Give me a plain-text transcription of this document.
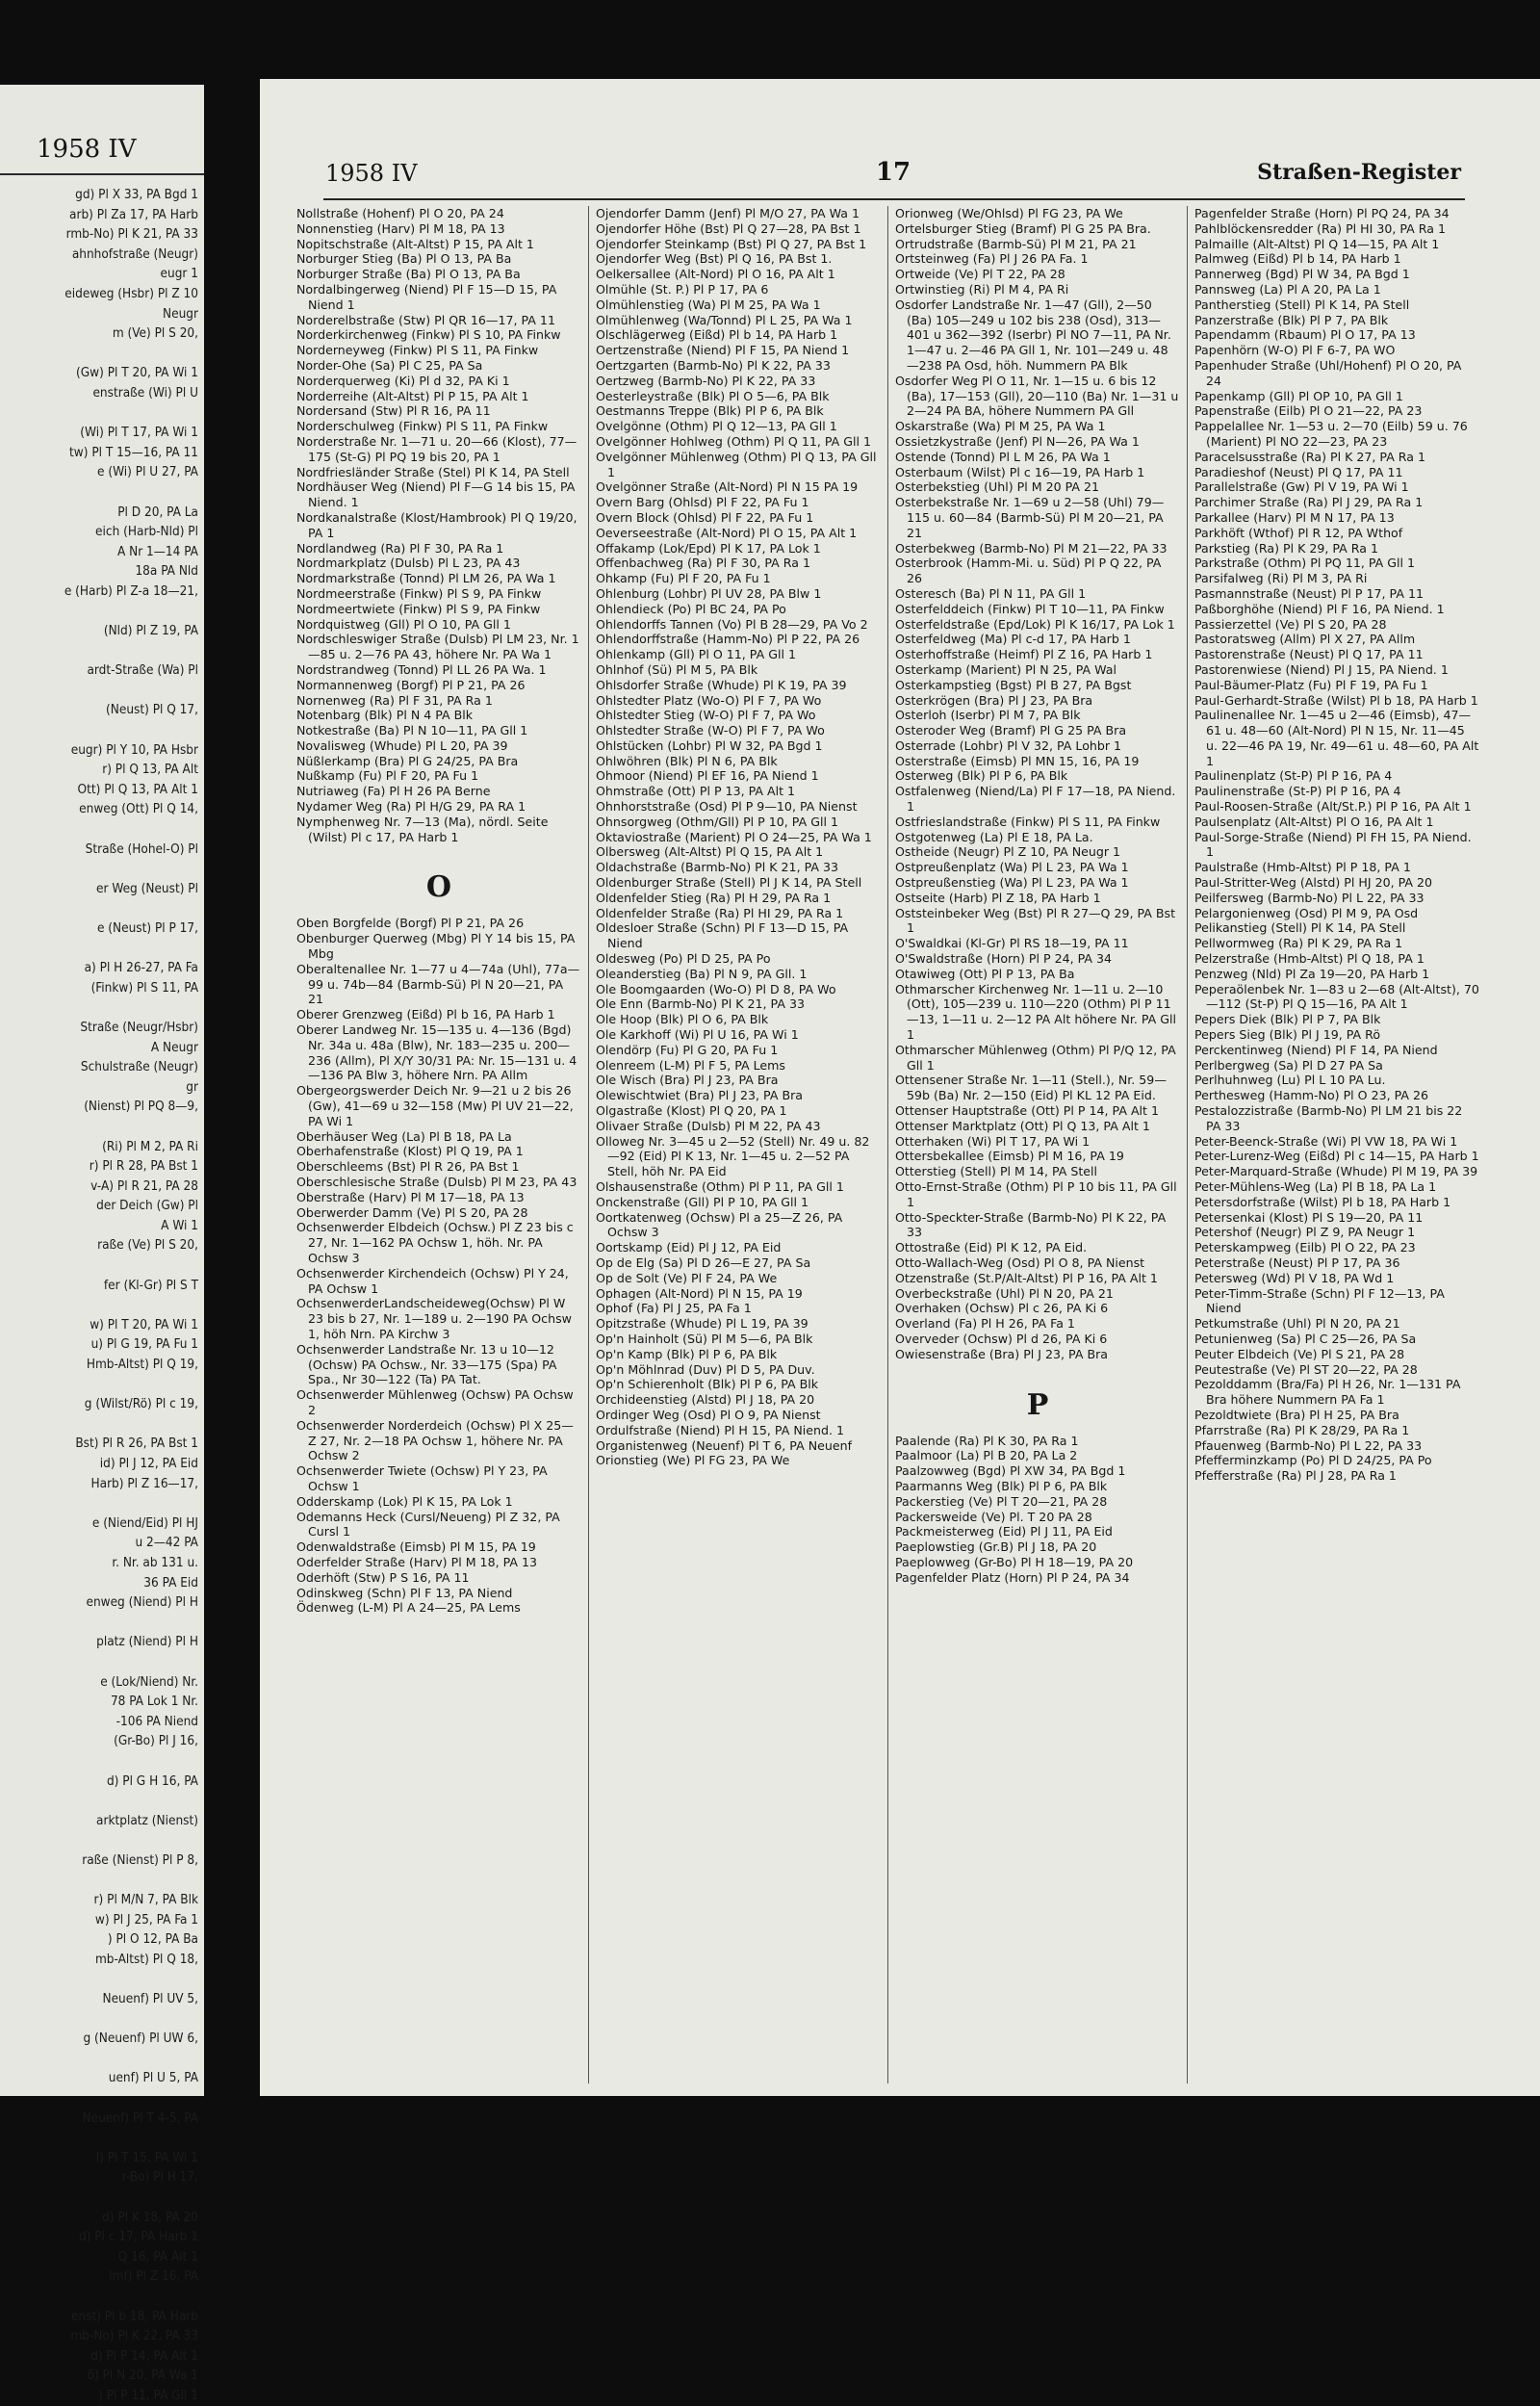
1958 IV
gd) Pl X 33, PA Bgd 1
arb) Pl Za 17, PA Harb
rmb-No) Pl K 21, PA 33
ahnhofstraße (Neugr)
eugr 1
eideweg (Hsbr) Pl Z 10
Neugr
m (Ve) Pl S 20,

(Gw) Pl T 20, PA Wi 1
enstraße (Wi) Pl U

(Wi) Pl T 17, PA Wi 1
tw) Pl T 15—16, PA 11
e (Wi) Pl U 27, PA

Pl D 20, PA La
eich (Harb-Nld) Pl
A Nr 1—14 PA
18a PA Nld
e (Harb) Pl Z-a 18—21,

(Nld) Pl Z 19, PA

ardt-Straße (Wa) Pl

(Neust) Pl Q 17,

eugr) Pl Y 10, PA Hsbr
r) Pl Q 13, PA Alt
Ott) Pl Q 13, PA Alt 1
enweg (Ott) Pl Q 14,

Straße (Hohel-O) Pl

er Weg (Neust) Pl

e (Neust) Pl P 17,

a) Pl H 26-27, PA Fa
(Finkw) Pl S 11, PA

Straße (Neugr/Hsbr)
A Neugr
Schulstraße (Neugr)
gr
(Nienst) Pl PQ 8—9,

(Ri) Pl M 2, PA Ri
r) Pl R 28, PA Bst 1
v-A) Pl R 21, PA 28
der Deich (Gw) Pl
A Wi 1
raße (Ve) Pl S 20,

fer (Kl-Gr) Pl S T

w) Pl T 20, PA Wi 1
u) Pl G 19, PA Fu 1
Hmb-Altst) Pl Q 19,

g (Wilst/Rö) Pl c 19,

Bst) Pl R 26, PA Bst 1
id) Pl J 12, PA Eid
Harb) Pl Z 16—17,

e (Niend/Eid) Pl HJ
u 2—42 PA
r. Nr. ab 131 u.
36 PA Eid
enweg (Niend) Pl H

platz (Niend) Pl H

e (Lok/Niend) Nr.
78 PA Lok 1 Nr.
-106 PA Niend
(Gr-Bo) Pl J 16,

d) Pl G H 16, PA

arktplatz (Nienst)

raße (Nienst) Pl P 8,

r) Pl M/N 7, PA Blk
w) Pl J 25, PA Fa 1
) Pl O 12, PA Ba
mb-Altst) Pl Q 18,

Neuenf) Pl UV 5,

g (Neuenf) Pl UW 6,

uenf) Pl U 5, PA

Neuenf) Pl T 4-5, PA

l) Pl T 15, PA Wi 1
r-Bo) Pl H 17,

d) Pl K 18, PA 20
d) Pl c 17, PA Harb 1
Q 16, PA Alt 1
imf) Pl Z 16, PA

enst) Pl b 18, PA Harb
mb-No) Pl K 22, PA 33
d) Pl P 14, PA Alt 1
ö) Pl N 20, PA Wa 1
) Pl P 11, PA Gll 1
1958 IV	17	Straßen-Register

Nollstraße (Hohenf) Pl O 20, PA 24

Nonnenstieg (Harv) Pl M 18, PA 13

Nopitschstraße (Alt-Altst) P 15, PA Alt 1

Norburger Stieg (Ba) Pl O 13, PA Ba

Norburger Straße (Ba) Pl O 13, PA Ba

Nordalbingerweg (Niend) Pl F 15—D 15, PA Niend 1

Norderelbstraße (Stw) Pl QR 16—17, PA 11

Norderkirchenweg (Finkw) Pl S 10, PA Finkw

Norderneyweg (Finkw) Pl S 11, PA Finkw

Norder-Ohe (Sa) Pl C 25, PA Sa

Norderquerweg (Ki) Pl d 32, PA Ki 1

Norderreihe (Alt-Altst) Pl P 15, PA Alt 1

Nordersand (Stw) Pl R 16, PA 11

Norderschulweg (Finkw) Pl S 11, PA Finkw

Norderstraße Nr. 1—71 u. 20—66 (Klost), 77—175 (St-G) Pl PQ 19 bis 20, PA 1

Nordfriesländer Straße (Stel) Pl K 14, PA Stell

Nordhäuser Weg (Niend) Pl F—G 14 bis 15, PA Niend. 1

Nordkanalstraße (Klost/Hambrook) Pl Q 19/20, PA 1

Nordlandweg (Ra) Pl F 30, PA Ra 1

Nordmarkplatz (Dulsb) Pl L 23, PA 43

Nordmarkstraße (Tonnd) Pl LM 26, PA Wa 1

Nordmeerstraße (Finkw) Pl S 9, PA Finkw

Nordmeertwiete (Finkw) Pl S 9, PA Finkw

Nordquistweg (Gll) Pl O 10, PA Gll 1

Nordschleswiger Straße (Dulsb) Pl LM 23, Nr. 1—85 u. 2—76 PA 43, höhere Nr. PA Wa 1

Nordstrandweg (Tonnd) Pl LL 26 PA Wa. 1

Normannenweg (Borgf) Pl P 21, PA 26

Nornenweg (Ra) Pl F 31, PA Ra 1

Notenbarg (Blk) Pl N 4 PA Blk

Notkestraße (Ba) Pl N 10—11, PA Gll 1

Novalisweg (Whude) Pl L 20, PA 39

Nüßlerkamp (Bra) Pl G 24/25, PA Bra

Nußkamp (Fu) Pl F 20, PA Fu 1

Nutriaweg (Fa) Pl H 26 PA Berne

Nydamer Weg (Ra) Pl H/G 29, PA RA 1

Nymphenweg Nr. 7—13 (Ma), nördl. Seite (Wilst) Pl c 17, PA Harb 1

O

Oben Borgfelde (Borgf) Pl P 21, PA 26

Obenburger Querweg (Mbg) Pl Y 14 bis 15, PA Mbg

Oberaltenallee Nr. 1—77 u 4—74a (Uhl), 77a—99 u. 74b—84 (Barmb-Sü) Pl N 20—21, PA 21

Oberer Grenzweg (Eißd) Pl b 16, PA Harb 1

Oberer Landweg Nr. 15—135 u. 4—136 (Bgd) Nr. 34a u. 48a (Blw), Nr. 183—235 u. 200—236 (Allm), Pl X/Y 30/31 PA: Nr. 15—131 u. 4—136 PA Blw 3, höhere Nrn. PA Allm

Obergeorgswerder Deich Nr. 9—21 u 2 bis 26 (Gw), 41—69 u 32—158 (Mw) Pl UV 21—22, PA Wi 1

Oberhäuser Weg (La) Pl B 18, PA La

Oberhafenstraße (Klost) Pl Q 19, PA 1

Oberschleems (Bst) Pl R 26, PA Bst 1

Oberschlesische Straße (Dulsb) Pl M 23, PA 43

Oberstraße (Harv) Pl M 17—18, PA 13

Oberwerder Damm (Ve) Pl S 20, PA 28

Ochsenwerder Elbdeich (Ochsw.) Pl Z 23 bis c 27, Nr. 1—162 PA Ochsw 1, höh. Nr. PA Ochsw 3

Ochsenwerder Kirchendeich (Ochsw) Pl Y 24, PA Ochsw 1

OchsenwerderLandscheideweg(Ochsw) Pl W 23 bis b 27, Nr. 1—189 u. 2—190 PA Ochsw 1, höh Nrn. PA Kirchw 3

Ochsenwerder Landstraße Nr. 13 u 10—12 (Ochsw) PA Ochsw., Nr. 33—175 (Spa) PA Spa., Nr 30—122 (Ta) PA Tat.

Ochsenwerder Mühlenweg (Ochsw) PA Ochsw 2

Ochsenwerder Norderdeich (Ochsw) Pl X 25—Z 27, Nr. 2—18 PA Ochsw 1, höhere Nr. PA Ochsw 2

Ochsenwerder Twiete (Ochsw) Pl Y 23, PA Ochsw 1

Odderskamp (Lok) Pl K 15, PA Lok 1

Odemanns Heck (Cursl/Neueng) Pl Z 32, PA Cursl 1

Odenwaldstraße (Eimsb) Pl M 15, PA 19

Oderfelder Straße (Harv) Pl M 18, PA 13

Oderhöft (Stw) P S 16, PA 11

Odinskweg (Schn) Pl F 13, PA Niend

Ödenweg (L-M) Pl A 24—25, PA Lems

Ojendorfer Damm (Jenf) Pl M/O 27, PA Wa 1

Ojendorfer Höhe (Bst) Pl Q 27—28, PA Bst 1

Ojendorfer Steinkamp (Bst) Pl Q 27, PA Bst 1

Ojendorfer Weg (Bst) Pl Q 16, PA Bst 1.

Oelkersallee (Alt-Nord) Pl O 16, PA Alt 1

Olmühle (St. P.) Pl P 17, PA 6

Olmühlenstieg (Wa) Pl M 25, PA Wa 1

Olmühlenweg (Wa/Tonnd) Pl L 25, PA Wa 1

Olschlägerweg (Eißd) Pl b 14, PA Harb 1

Oertzenstraße (Niend) Pl F 15, PA Niend 1

Oertzgarten (Barmb-No) Pl K 22, PA 33

Oertzweg (Barmb-No) Pl K 22, PA 33

Oesterleystraße (Blk) Pl O 5—6, PA Blk

Oestmanns Treppe (Blk) Pl P 6, PA Blk

Ovelgönne (Othm) Pl Q 12—13, PA Gll 1

Ovelgönner Hohlweg (Othm) Pl Q 11, PA Gll 1

Ovelgönner Mühlenweg (Othm) Pl Q 13, PA Gll 1

Ovelgönner Straße (Alt-Nord) Pl N 15 PA 19

Overn Barg (Ohlsd) Pl F 22, PA Fu 1

Overn Block (Ohlsd) Pl F 22, PA Fu 1

Oeverseestraße (Alt-Nord) Pl O 15, PA Alt 1

Offakamp (Lok/Epd) Pl K 17, PA Lok 1

Offenbachweg (Ra) Pl F 30, PA Ra 1

Ohkamp (Fu) Pl F 20, PA Fu 1

Ohlenburg (Lohbr) Pl UV 28, PA Blw 1

Ohlendieck (Po) Pl BC 24, PA Po

Ohlendorffs Tannen (Vo) Pl B 28—29, PA Vo 2

Ohlendorffstraße (Hamm-No) Pl P 22, PA 26

Ohlenkamp (Gll) Pl O 11, PA Gll 1

Ohlnhof (Sü) Pl M 5, PA Blk

Ohlsdorfer Straße (Whude) Pl K 19, PA 39

Ohlstedter Platz (Wo-O) Pl F 7, PA Wo

Ohlstedter Stieg (W-O) Pl F 7, PA Wo

Ohlstedter Straße (W-O) Pl F 7, PA Wo

Ohlstücken (Lohbr) Pl W 32, PA Bgd 1

Ohlwöhren (Blk) Pl N 6, PA Blk

Ohmoor (Niend) Pl EF 16, PA Niend 1

Ohmstraße (Ott) Pl P 13, PA Alt 1

Ohnhorststraße (Osd) Pl P 9—10, PA Nienst

Ohnsorgweg (Othm/Gll) Pl P 10, PA Gll 1

Oktaviostraße (Marient) Pl O 24—25, PA Wa 1

Olbersweg (Alt-Altst) Pl Q 15, PA Alt 1

Oldachstraße (Barmb-No) Pl K 21, PA 33

Oldenburger Straße (Stell) Pl J K 14, PA Stell

Oldenfelder Stieg (Ra) Pl H 29, PA Ra 1

Oldenfelder Straße (Ra) Pl HI 29, PA Ra 1

Oldesloer Straße (Schn) Pl F 13—D 15, PA Niend

Oldesweg (Po) Pl D 25, PA Po

Oleanderstieg (Ba) Pl N 9, PA Gll. 1

Ole Boomgaarden (Wo-O) Pl D 8, PA Wo

Ole Enn (Barmb-No) Pl K 21, PA 33

Ole Hoop (Blk) Pl O 6, PA Blk

Ole Karkhoff (Wi) Pl U 16, PA Wi 1

Olendörp (Fu) Pl G 20, PA Fu 1

Olenreem (L-M) Pl F 5, PA Lems

Ole Wisch (Bra) Pl J 23, PA Bra

Olewischtwiet (Bra) Pl J 23, PA Bra

Olgastraße (Klost) Pl Q 20, PA 1

Olivaer Straße (Dulsb) Pl M 22, PA 43

Olloweg Nr. 3—45 u 2—52 (Stell) Nr. 49 u. 82—92 (Eid) Pl K 13, Nr. 1—45 u. 2—52 PA Stell, höh Nr. PA Eid

Olshausenstraße (Othm) Pl P 11, PA Gll 1

Onckenstraße (Gll) Pl P 10, PA Gll 1

Oortkatenweg (Ochsw) Pl a 25—Z 26, PA Ochsw 3

Oortskamp (Eid) Pl J 12, PA Eid

Op de Elg (Sa) Pl D 26—E 27, PA Sa

Op de Solt (Ve) Pl F 24, PA We

Ophagen (Alt-Nord) Pl N 15, PA 19

Ophof (Fa) Pl J 25, PA Fa 1

Opitzstraße (Whude) Pl L 19, PA 39

Op'n Hainholt (Sü) Pl M 5—6, PA Blk

Op'n Kamp (Blk) Pl P 6, PA Blk

Op'n Möhlnrad (Duv) Pl D 5, PA Duv.

Op'n Schierenholt (Blk) Pl P 6, PA Blk

Orchideenstieg (Alstd) Pl J 18, PA 20

Ordinger Weg (Osd) Pl O 9, PA Nienst

Ordulfstraße (Niend) Pl H 15, PA Niend. 1

Organistenweg (Neuenf) Pl T 6, PA Neuenf

Orionstieg (We) Pl FG 23, PA We

Orionweg (We/Ohlsd) Pl FG 23, PA We

Ortelsburger Stieg (Bramf) Pl G 25 PA Bra.

Ortrudstraße (Barmb-Sü) Pl M 21, PA 21

Ortsteinweg (Fa) Pl J 26 PA Fa. 1

Ortweide (Ve) Pl T 22, PA 28

Ortwinstieg (Ri) Pl M 4, PA Ri

Osdorfer Landstraße Nr. 1—47 (Gll), 2—50 (Ba) 105—249 u 102 bis 238 (Osd), 313—401 u 362—392 (Iserbr) Pl NO 7—11, PA Nr. 1—47 u. 2—46 PA Gll 1, Nr. 101—249 u. 48—238 PA Osd, höh. Nummern PA Blk

Osdorfer Weg Pl O 11, Nr. 1—15 u. 6 bis 12 (Ba), 17—153 (Gll), 20—110 (Ba) Nr. 1—31 u 2—24 PA BA, höhere Nummern PA Gll

Oskarstraße (Wa) Pl M 25, PA Wa 1

Ossietzkystraße (Jenf) Pl N—26, PA Wa 1

Ostende (Tonnd) Pl L M 26, PA Wa 1

Osterbaum (Wilst) Pl c 16—19, PA Harb 1

Osterbekstieg (Uhl) Pl M 20 PA 21

Osterbekstraße Nr. 1—69 u 2—58 (Uhl) 79—115 u. 60—84 (Barmb-Sü) Pl M 20—21, PA 21

Osterbekweg (Barmb-No) Pl M 21—22, PA 33

Osterbrook (Hamm-Mi. u. Süd) Pl P Q 22, PA 26

Osteresch (Ba) Pl N 11, PA Gll 1

Osterfelddeich (Finkw) Pl T 10—11, PA Finkw

Osterfeldstraße (Epd/Lok) Pl K 16/17, PA Lok 1

Osterfeldweg (Ma) Pl c-d 17, PA Harb 1

Osterhoffstraße (Heimf) Pl Z 16, PA Harb 1

Osterkamp (Marient) Pl N 25, PA Wal

Osterkampstieg (Bgst) Pl B 27, PA Bgst

Osterkrögen (Bra) Pl J 23, PA Bra

Osterloh (Iserbr) Pl M 7, PA Blk

Osteroder Weg (Bramf) Pl G 25 PA Bra

Osterrade (Lohbr) Pl V 32, PA Lohbr 1

Osterstraße (Eimsb) Pl MN 15, 16, PA 19

Osterweg (Blk) Pl P 6, PA Blk

Ostfalenweg (Niend/La) Pl F 17—18, PA Niend. 1

Ostfrieslandstraße (Finkw) Pl S 11, PA Finkw

Ostgotenweg (La) Pl E 18, PA La.

Ostheide (Neugr) Pl Z 10, PA Neugr 1

Ostpreußenplatz (Wa) Pl L 23, PA Wa 1

Ostpreußenstieg (Wa) Pl L 23, PA Wa 1

Ostseite (Harb) Pl Z 18, PA Harb 1

Oststeinbeker Weg (Bst) Pl R 27—Q 29, PA Bst 1

O'Swaldkai (Kl-Gr) Pl RS 18—19, PA 11

O'Swaldstraße (Horn) Pl P 24, PA 34

Otawiweg (Ott) Pl P 13, PA Ba

Othmarscher Kirchenweg Nr. 1—11 u. 2—10 (Ott), 105—239 u. 110—220 (Othm) Pl P 11—13, 1—11 u. 2—12 PA Alt höhere Nr. PA Gll 1

Othmarscher Mühlenweg (Othm) Pl P/Q 12, PA Gll 1

Ottensener Straße Nr. 1—11 (Stell.), Nr. 59—59b (Ba) Nr. 2—150 (Eid) Pl KL 12 PA Eid.

Ottenser Hauptstraße (Ott) Pl P 14, PA Alt 1

Ottenser Marktplatz (Ott) Pl Q 13, PA Alt 1

Otterhaken (Wi) Pl T 17, PA Wi 1

Ottersbekallee (Eimsb) Pl M 16, PA 19

Otterstieg (Stell) Pl M 14, PA Stell

Otto-Ernst-Straße (Othm) Pl P 10 bis 11, PA Gll 1

Otto-Speckter-Straße (Barmb-No) Pl K 22, PA 33

Ottostraße (Eid) Pl K 12, PA Eid.

Otto-Wallach-Weg (Osd) Pl O 8, PA Nienst

Otzenstraße (St.P/Alt-Altst) Pl P 16, PA Alt 1

Overbeckstraße (Uhl) Pl N 20, PA 21

Overhaken (Ochsw) Pl c 26, PA Ki 6

Overland (Fa) Pl H 26, PA Fa 1

Overveder (Ochsw) Pl d 26, PA Ki 6

Owiesenstraße (Bra) Pl J 23, PA Bra

P

Paalende (Ra) Pl K 30, PA Ra 1

Paalmoor (La) Pl B 20, PA La 2

Paalzowweg (Bgd) Pl XW 34, PA Bgd 1

Paarmanns Weg (Blk) Pl P 6, PA Blk

Packerstieg (Ve) Pl T 20—21, PA 28

Packersweide (Ve) Pl. T 20 PA 28

Packmeisterweg (Eid) Pl J 11, PA Eid

Paeplowstieg (Gr.B) Pl J 18, PA 20

Paeplowweg (Gr-Bo) Pl H 18—19, PA 20

Pagenfelder Platz (Horn) Pl P 24, PA 34

Pagenfelder Straße (Horn) Pl PQ 24, PA 34

Pahlblöckensredder (Ra) Pl HI 30, PA Ra 1

Palmaille (Alt-Altst) Pl Q 14—15, PA Alt 1

Palmweg (Eißd) Pl b 14, PA Harb 1

Pannerweg (Bgd) Pl W 34, PA Bgd 1

Pannsweg (La) Pl A 20, PA La 1

Pantherstieg (Stell) Pl K 14, PA Stell

Panzerstraße (Blk) Pl P 7, PA Blk

Papendamm (Rbaum) Pl O 17, PA 13

Papenhörn (W-O) Pl F 6-7, PA WO

Papenhuder Straße (Uhl/Hohenf) Pl O 20, PA 24

Papenkamp (Gll) Pl OP 10, PA Gll 1

Papenstraße (Eilb) Pl O 21—22, PA 23

Pappelallee Nr. 1—53 u. 2—70 (Eilb) 59 u. 76 (Marient) Pl NO 22—23, PA 23

Paracelsusstraße (Ra) Pl K 27, PA Ra 1

Paradieshof (Neust) Pl Q 17, PA 11

Parallelstraße (Gw) Pl V 19, PA Wi 1

Parchimer Straße (Ra) Pl J 29, PA Ra 1

Parkallee (Harv) Pl M N 17, PA 13

Parkhöft (Wthof) Pl R 12, PA Wthof

Parkstieg (Ra) Pl K 29, PA Ra 1

Parkstraße (Othm) Pl PQ 11, PA Gll 1

Parsifalweg (Ri) Pl M 3, PA Ri

Pasmannstraße (Neust) Pl P 17, PA 11

Paßborghöhe (Niend) Pl F 16, PA Niend. 1

Passierzettel (Ve) Pl S 20, PA 28

Pastoratsweg (Allm) Pl X 27, PA Allm

Pastorenstraße (Neust) Pl Q 17, PA 11

Pastorenwiese (Niend) Pl J 15, PA Niend. 1

Paul-Bäumer-Platz (Fu) Pl F 19, PA Fu 1

Paul-Gerhardt-Straße (Wilst) Pl b 18, PA Harb 1

Paulinenallee Nr. 1—45 u 2—46 (Eimsb), 47—61 u. 48—60 (Alt-Nord) Pl N 15, Nr. 11—45 u. 22—46 PA 19, Nr. 49—61 u. 48—60, PA Alt 1

Paulinenplatz (St-P) Pl P 16, PA 4

Paulinenstraße (St-P) Pl P 16, PA 4

Paul-Roosen-Straße (Alt/St.P.) Pl P 16, PA Alt 1

Paulsenplatz (Alt-Altst) Pl O 16, PA Alt 1

Paul-Sorge-Straße (Niend) Pl FH 15, PA Niend. 1

Paulstraße (Hmb-Altst) Pl P 18, PA 1

Paul-Stritter-Weg (Alstd) Pl HJ 20, PA 20

Peilfersweg (Barmb-No) Pl L 22, PA 33

Pelargonienweg (Osd) Pl M 9, PA Osd

Pelikanstieg (Stell) Pl K 14, PA Stell

Pellwormweg (Ra) Pl K 29, PA Ra 1

Pelzerstraße (Hmb-Altst) Pl Q 18, PA 1

Penzweg (Nld) Pl Za 19—20, PA Harb 1

Peperaölenbek Nr. 1—83 u 2—68 (Alt-Altst), 70—112 (St-P) Pl Q 15—16, PA Alt 1

Pepers Diek (Blk) Pl P 7, PA Blk

Pepers Sieg (Blk) Pl J 19, PA Rö

Perckentinweg (Niend) Pl F 14, PA Niend

Perlbergweg (Sa) Pl D 27 PA Sa

Perlhuhnweg (Lu) Pl L 10 PA Lu.

Perthesweg (Hamm-No) Pl O 23, PA 26

Pestalozzistraße (Barmb-No) Pl LM 21 bis 22 PA 33

Peter-Beenck-Straße (Wi) Pl VW 18, PA Wi 1

Peter-Lurenz-Weg (Eißd) Pl c 14—15, PA Harb 1

Peter-Marquard-Straße (Whude) Pl M 19, PA 39

Peter-Mühlens-Weg (La) Pl B 18, PA La 1

Petersdorfstraße (Wilst) Pl b 18, PA Harb 1

Petersenkai (Klost) Pl S 19—20, PA 11

Petershof (Neugr) Pl Z 9, PA Neugr 1

Peterskampweg (Eilb) Pl O 22, PA 23

Peterstraße (Neust) Pl P 17, PA 36

Petersweg (Wd) Pl V 18, PA Wd 1

Peter-Timm-Straße (Schn) Pl F 12—13, PA Niend

Petkumstraße (Uhl) Pl N 20, PA 21

Petunienweg (Sa) Pl C 25—26, PA Sa

Peuter Elbdeich (Ve) Pl S 21, PA 28

Peutestraße (Ve) Pl ST 20—22, PA 28

Pezolddamm (Bra/Fa) Pl H 26, Nr. 1—131 PA Bra höhere Nummern PA Fa 1

Pezoldtwiete (Bra) Pl H 25, PA Bra

Pfarrstraße (Ra) Pl K 28/29, PA Ra 1

Pfauenweg (Barmb-No) Pl L 22, PA 33

Pfefferminzkamp (Po) Pl D 24/25, PA Po

Pfefferstraße (Ra) Pl J 28, PA Ra 1
